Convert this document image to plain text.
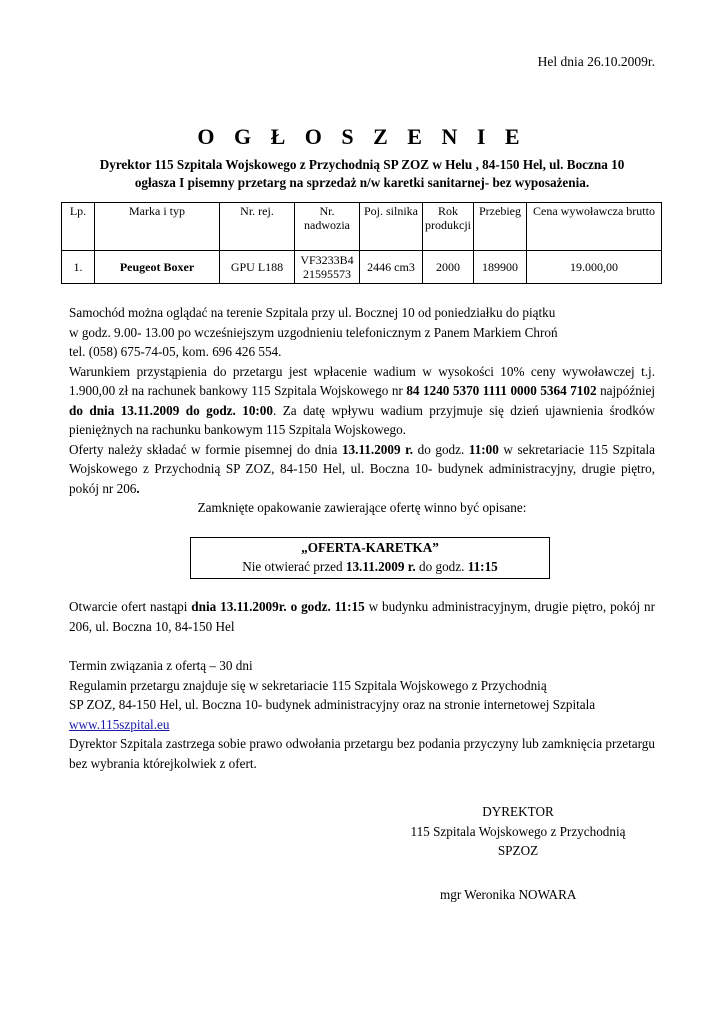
Hel dnia 26.10.2009r.
O G Ł O S Z E N I E
Dyrektor 115 Szpitala Wojskowego z Przychodnią SP ZOZ w Helu , 84-150 Hel, ul. Boczna 10
ogłasza I pisemny przetarg na sprzedaż n/w karetki sanitarnej- bez wyposażenia.
Lp.	Marka i typ	Nr. rej.	Nr. nadwozia	Poj. silnika	Rok produkcji	Przebieg	Cena wywoławcza brutto
1.	Peugeot Boxer	GPU L188	VF3233B4 21595573	2446 cm3	2000	189900	19.000,00

Samochód można oglądać na terenie Szpitala przy ul. Bocznej 10 od poniedziałku do piątku
w godz. 9.00- 13.00 po wcześniejszym uzgodnieniu telefonicznym z Panem Markiem Chroń
tel. (058) 675-74-05, kom. 696 426 554.

Warunkiem przystąpienia do przetargu jest wpłacenie wadium w wysokości 10% ceny wywoławczej t.j. 1.900,00 zł na rachunek bankowy 115 Szpitala Wojskowego nr 84 1240 5370 1111 0000 5364 7102 najpóźniej do dnia 13.11.2009 do godz. 10:00. Za datę wpływu wadium przyjmuje się dzień ujawnienia środków pieniężnych na rachunku bankowym 115 Szpitala Wojskowego.

Oferty należy składać w formie pisemnej do dnia 13.11.2009 r. do godz. 11:00 w sekretariacie 115 Szpitala Wojskowego z Przychodnią SP ZOZ, 84-150 Hel, ul. Boczna 10- budynek administracyjny, drugie piętro, pokój nr 206.

Zamknięte opakowanie zawierające ofertę winno być opisane:

„OFERTA-KARETKA”
Nie otwierać przed 13.11.2009 r. do godz. 11:15

Otwarcie ofert nastąpi dnia 13.11.2009r. o godz. 11:15 w budynku administracyjnym, drugie piętro, pokój nr 206, ul. Boczna 10, 84-150 Hel

Termin związania z ofertą – 30 dni

Regulamin przetargu znajduje się w sekretariacie 115 Szpitala Wojskowego z Przychodnią

SP ZOZ, 84-150 Hel, ul. Boczna 10- budynek administracyjny oraz na stronie internetowej Szpitala

www.115szpital.eu

Dyrektor Szpitala zastrzega sobie prawo odwołania przetargu bez podania przyczyny lub zamknięcia przetargu bez wybrania którejkolwiek z ofert.

DYREKTOR
115 Szpitala Wojskowego z Przychodnią
SPZOZ
mgr Weronika NOWARA
